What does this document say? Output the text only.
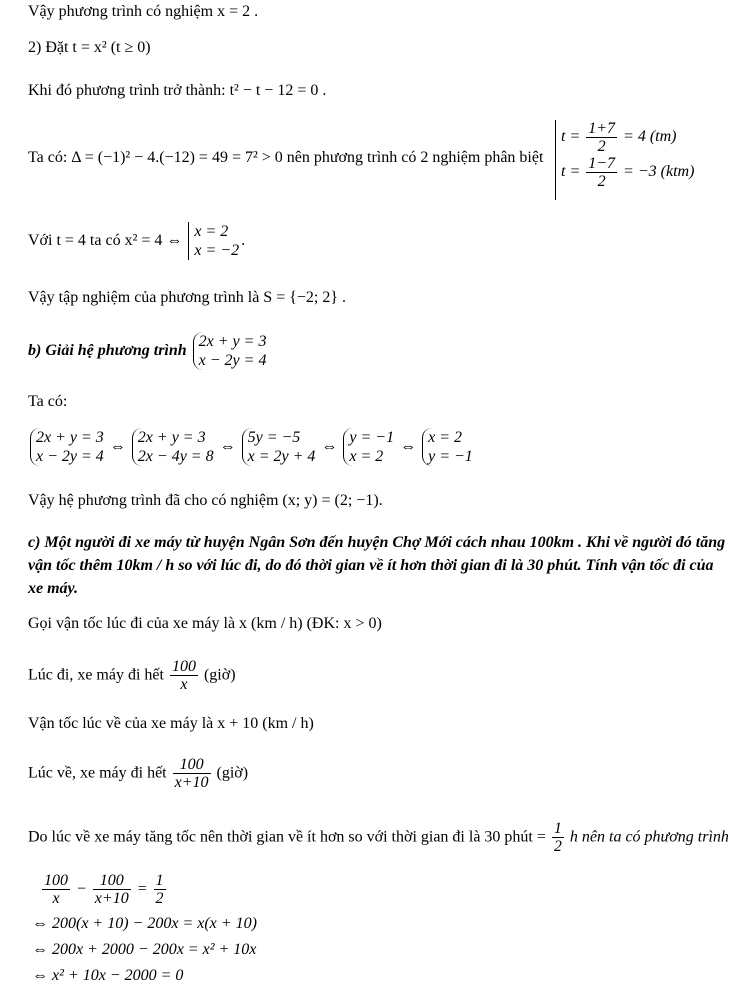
Vậy phương trình có nghiệm x = 2 .
2) Đặt t = x² (t ≥ 0)
Khi đó phương trình trở thành: t² − t − 12 = 0 .
Ta có: Δ = (−1)² − 4.(−12) = 49 = 7² > 0 nên phương trình có 2 nghiệm phân biệt
$t = \frac{1+7}{2} = 4$ (tm)
$t = \frac{1-7}{2} = -3$ (ktm)
Với t = 4 ta có x² = 4 ⇔
x = 2
x = −2
.
Vậy tập nghiệm của phương trình là S = {−2; 2} .
b) Giải hệ phương trình
2x + y = 3
x − 2y = 4
Ta có:
2x + y = 3
x − 2y = 4
⇔
2x + y = 3
2x − 4y = 8
⇔
5y = −5
x = 2y + 4
⇔
y = −1
x = 2
⇔
x = 2
y = −1
Vậy hệ phương trình đã cho có nghiệm (x; y) = (2; −1).
c) Một người đi xe máy từ huyện Ngân Sơn đến huyện Chợ Mới cách nhau 100km . Khi về người đó tăng
vận tốc thêm 10km / h so với lúc đi, do đó thời gian về ít hơn thời gian đi là 30 phút. Tính vận tốc đi của
xe máy.
Gọi vận tốc lúc đi của xe máy là x (km / h) (ĐK: x > 0)
Lúc đi, xe máy đi hết $\frac{100}{x}$ (giờ)
Vận tốc lúc về của xe máy là x + 10 (km / h)
Lúc về, xe máy đi hết $\frac{100}{x+10}$ (giờ)
Do lúc về xe máy tăng tốc nên thời gian về ít hơn so với thời gian đi là 30 phút = $\frac{1}{2}$ h nên ta có phương trình
$\frac{100}{x} - \frac{100}{x+10} = \frac{1}{2}$
⇔ 200(x + 10) − 200x = x(x + 10)
⇔ 200x + 2000 − 200x = x² + 10x
⇔ x² + 10x − 2000 = 0
